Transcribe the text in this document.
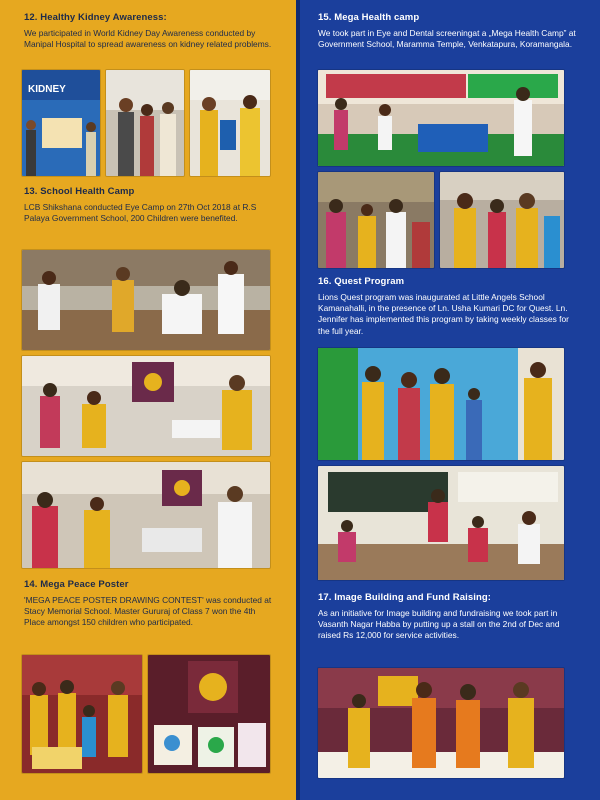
12. Healthy Kidney Awareness:

We participated in World Kidney Day Awareness conducted by Manipal Hospital to spread awareness on kidney related problems.

KIDNEY
13. School Health Camp

LCB Shikshana conducted Eye Camp on 27th Oct 2018 at R.S Palaya Government School, 200 Children were benefited.

14. Mega Peace Poster

'MEGA PEACE POSTER DRAWING CONTEST' was conducted at Stacy Memorial School. Master Gururaj of Class 7 won the 4th Place amongst 150 children who participated.

15. Mega Health camp

We took part in Eye and Dental screeningat a „Mega Health Camp” at Government School, Maramma Temple, Venkatapura, Koramangala.

16. Quest Program

Lions Quest program was inaugurated at Little Angels School Kamanahalli, in the presence of Ln. Usha Kumari DC for Quest. Ln. Jennifer has implemented this program by taking weekly classes for the full year.

17. Image Building and Fund Raising:

As an initiative for Image building and fundraising we took part in Vasanth Nagar Habba by putting up a stall on the 2nd of Dec and raised Rs 12,000 for service activities.
